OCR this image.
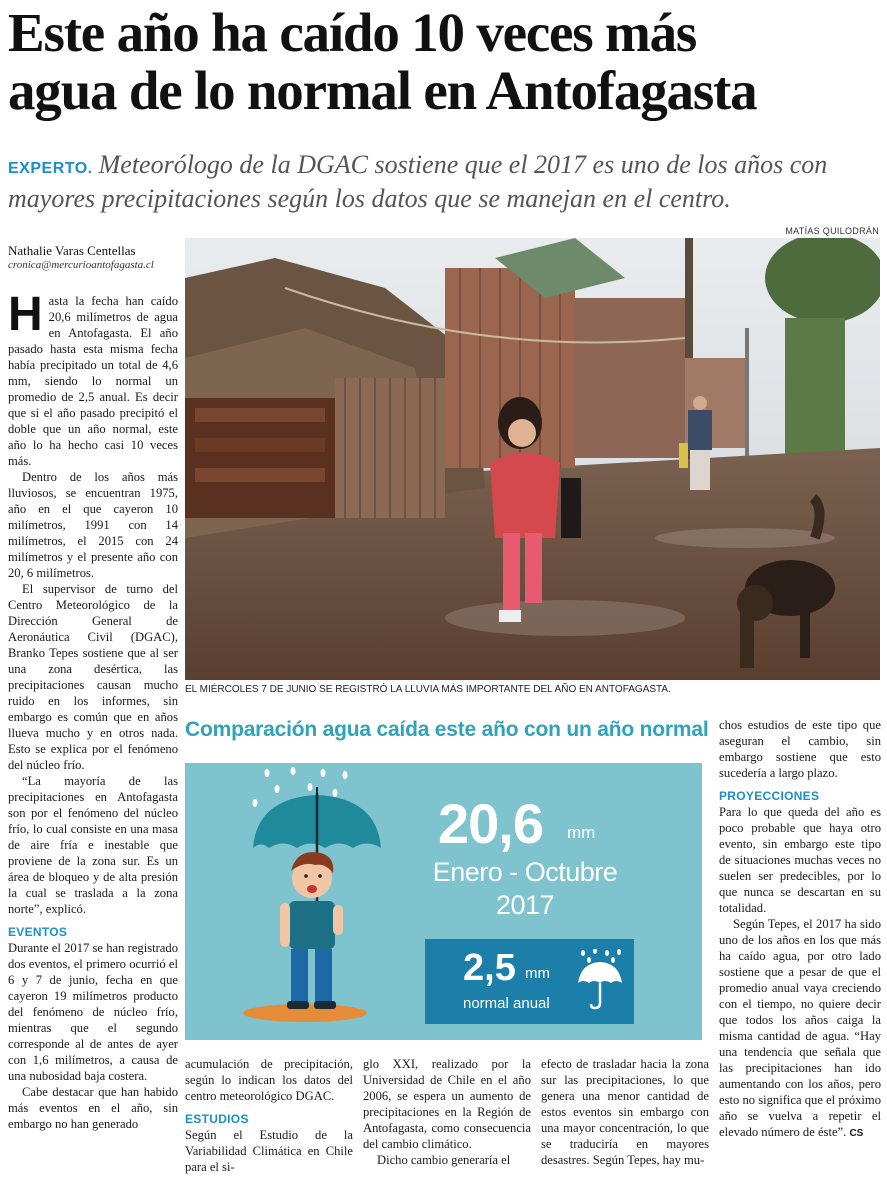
Este año ha caído 10 veces más
agua de lo normal en Antofagasta
EXPERTO. Meteorólogo de la DGAC sostiene que el 2017 es uno de los años con mayores precipitaciones según los datos que se manejan en el centro.
MATÍAS QUILODRÁN
Nathalie Varas Centellas
cronica@mercurioantofagasta.cl
EL MIÉRCOLES 7 DE JUNIO SE REGISTRÓ LA LLUVIA MÁS IMPORTANTE DEL AÑO EN ANTOFAGASTA.

Hasta la fecha han caído 20,6 milímetros de agua en Antofagasta. El año pasado hasta esta misma fecha había precipitado un total de 4,6 mm, siendo lo normal un promedio de 2,5 anual. Es decir que si el año pasado precipitó el doble que un año normal, este año lo ha hecho casi 10 veces más.

Dentro de los años más lluviosos, se encuentran 1975, año en el que cayeron 10 milímetros, 1991 con 14 milímetros, el 2015 con 24 milímetros y el presente año con 20, 6 milímetros.

El supervisor de turno del Centro Meteorológico de la Dirección General de Aeronáutica Civil (DGAC), Branko Tepes sostiene que al ser una zona desértica, las precipitaciones causan mucho ruido en los informes, sin embargo es común que en años llueva mucho y en otros nada. Esto se explica por el fenómeno del núcleo frío.

“La mayoría de las precipitaciones en Antofagasta son por el fenómeno del núcleo frío, lo cual consiste en una masa de aire fría e inestable que proviene de la zona sur. Es un área de bloqueo y de alta presión la cual se traslada a la zona norte”, explicó.

EVENTOS

Durante el 2017 se han registrado dos eventos, el primero ocurrió el 6 y 7 de junio, fecha en que cayeron 19 milímetros producto del fenómeno de núcleo frío, mientras que el segundo corresponde al de antes de ayer con 1,6 milímetros, a causa de una nubosidad baja costera.

Cabe destacar que han habido más eventos en el año, sin embargo no han generado

Comparación agua caída este año con un año normal
20,6 mm
Enero - Octubre
2017
2,5 mm
normal anual

acumulación de precipitación, según lo indican los datos del centro meteorológico DGAC.

ESTUDIOS

Según el Estudio de la Variabilidad Climática en Chile para el si-

glo XXI, realizado por la Universidad de Chile en el año 2006, se espera un aumento de precipitaciones en la Región de Antofagasta, como consecuencia del cambio climático.

Dicho cambio generaría el

efecto de trasladar hacia la zona sur las precipitaciones, lo que genera una menor cantidad de estos eventos sin embargo con una mayor concentración, lo que se traduciría en mayores desastres. Según Tepes, hay mu-

chos estudios de este tipo que aseguran el cambio, sin embargo sostiene que esto sucedería a largo plazo.

PROYECCIONES

Para lo que queda del año es poco probable que haya otro evento, sin embargo este tipo de situaciones muchas veces no suelen ser predecibles, por lo que nunca se descartan en su totalidad.

Según Tepes, el 2017 ha sido uno de los años en los que más ha caído agua, por otro lado sostiene que a pesar de que el promedio anual vaya creciendo con el tiempo, no quiere decir que todos los años caiga la misma cantidad de agua. “Hay una tendencia que señala que las precipitaciones han ido aumentando con los años, pero esto no significa que el próximo año se vuelva a repetir el elevado número de éste”. CS
